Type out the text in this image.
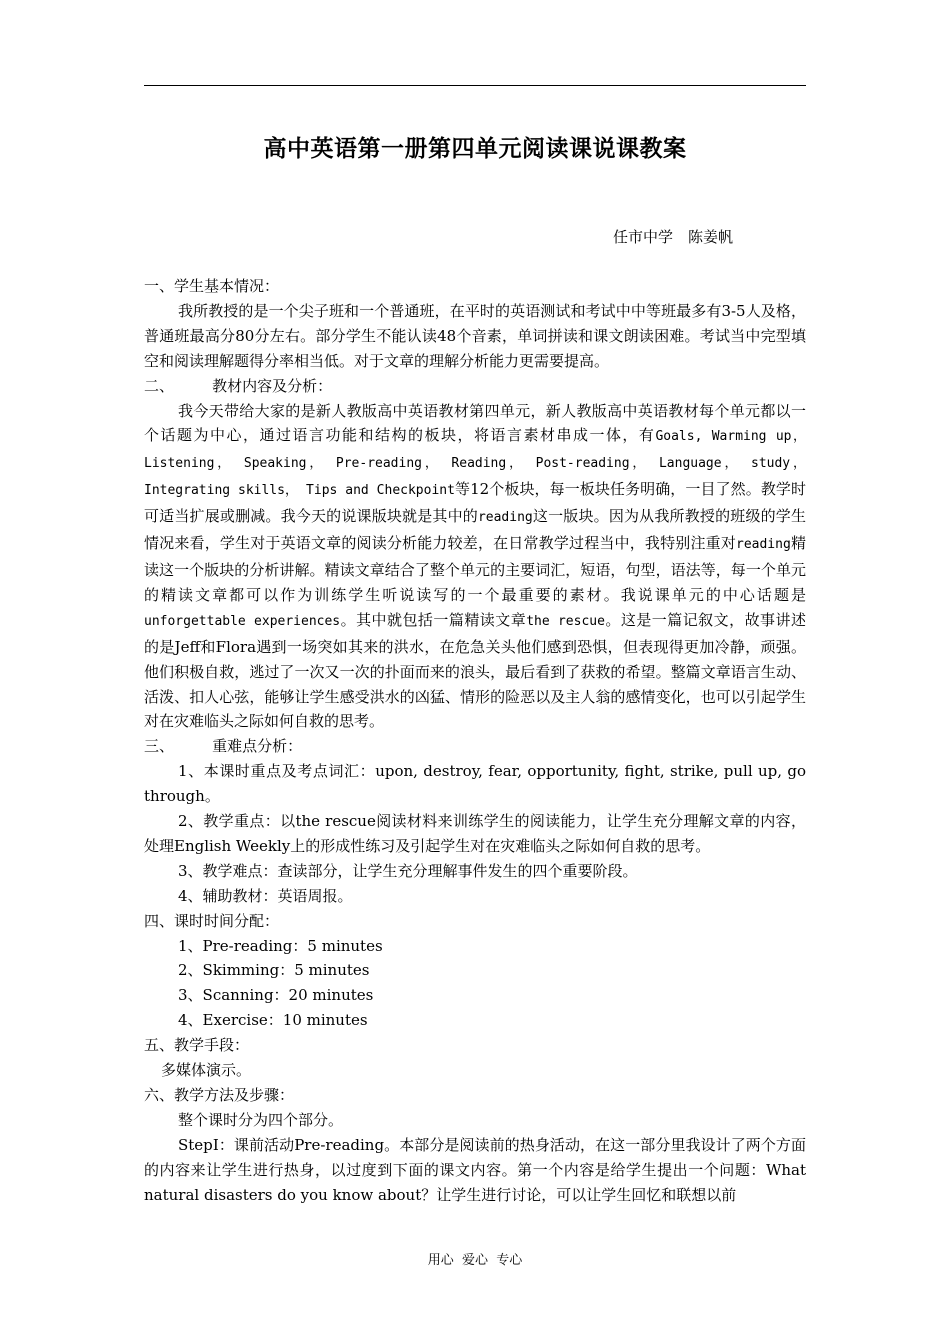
高中英语第一册第四单元阅读课说课教案
任市中学　陈姜帆

一、学生基本情况：

我所教授的是一个尖子班和一个普通班，在平时的英语测试和考试中中等班最多有3-5人及格，普通班最高分80分左右。部分学生不能认读48个音素，单词拼读和课文朗读困难。考试当中完型填空和阅读理解题得分率相当低。对于文章的理解分析能力更需要提高。

二、        教材内容及分析：

我今天带给大家的是新人教版高中英语教材第四单元，新人教版高中英语教材每个单元都以一个话题为中心，通过语言功能和结构的板块，将语言素材串成一体，有Goals, Warming up， Listening， Speaking， Pre-reading， Reading， Post-reading， Language， study， Integrating skills， Tips and Checkpoint等12个板块，每一板块任务明确，一目了然。教学时可适当扩展或删减。我今天的说课版块就是其中的reading这一版块。因为从我所教授的班级的学生情况来看，学生对于英语文章的阅读分析能力较差，在日常教学过程当中，我特别注重对reading精读这一个版块的分析讲解。精读文章结合了整个单元的主要词汇，短语，句型，语法等，每一个单元的精读文章都可以作为训练学生听说读写的一个最重要的素材。我说课单元的中心话题是unforgettable experiences。其中就包括一篇精读文章the rescue。这是一篇记叙文，故事讲述的是Jeff和Flora遇到一场突如其来的洪水，在危急关头他们感到恐惧，但表现得更加冷静，顽强。他们积极自救，逃过了一次又一次的扑面而来的浪头，最后看到了获救的希望。整篇文章语言生动、活泼、扣人心弦，能够让学生感受洪水的凶猛、情形的险恶以及主人翁的感情变化，也可以引起学生对在灾难临头之际如何自救的思考。

三、        重难点分析：

1、本课时重点及考点词汇：upon, destroy, fear, opportunity, fight, strike, pull up, go through。

2、教学重点：以the rescue阅读材料来训练学生的阅读能力，让学生充分理解文章的内容，处理English Weekly上的形成性练习及引起学生对在灾难临头之际如何自救的思考。

3、教学难点：查读部分，让学生充分理解事件发生的四个重要阶段。

4、辅助教材：英语周报。

四、课时时间分配：

1、Pre-reading：5 minutes

2、Skimming：5 minutes

3、Scanning：20 minutes

4、Exercise：10 minutes

五、教学手段：

多媒体演示。

六、教学方法及步骤：

整个课时分为四个部分。

StepⅠ：课前活动Pre-reading。本部分是阅读前的热身活动，在这一部分里我设计了两个方面的内容来让学生进行热身，以过度到下面的课文内容。第一个内容是给学生提出一个问题：What natural disasters do you know about？让学生进行讨论，可以让学生回忆和联想以前

用心  爱心  专心
